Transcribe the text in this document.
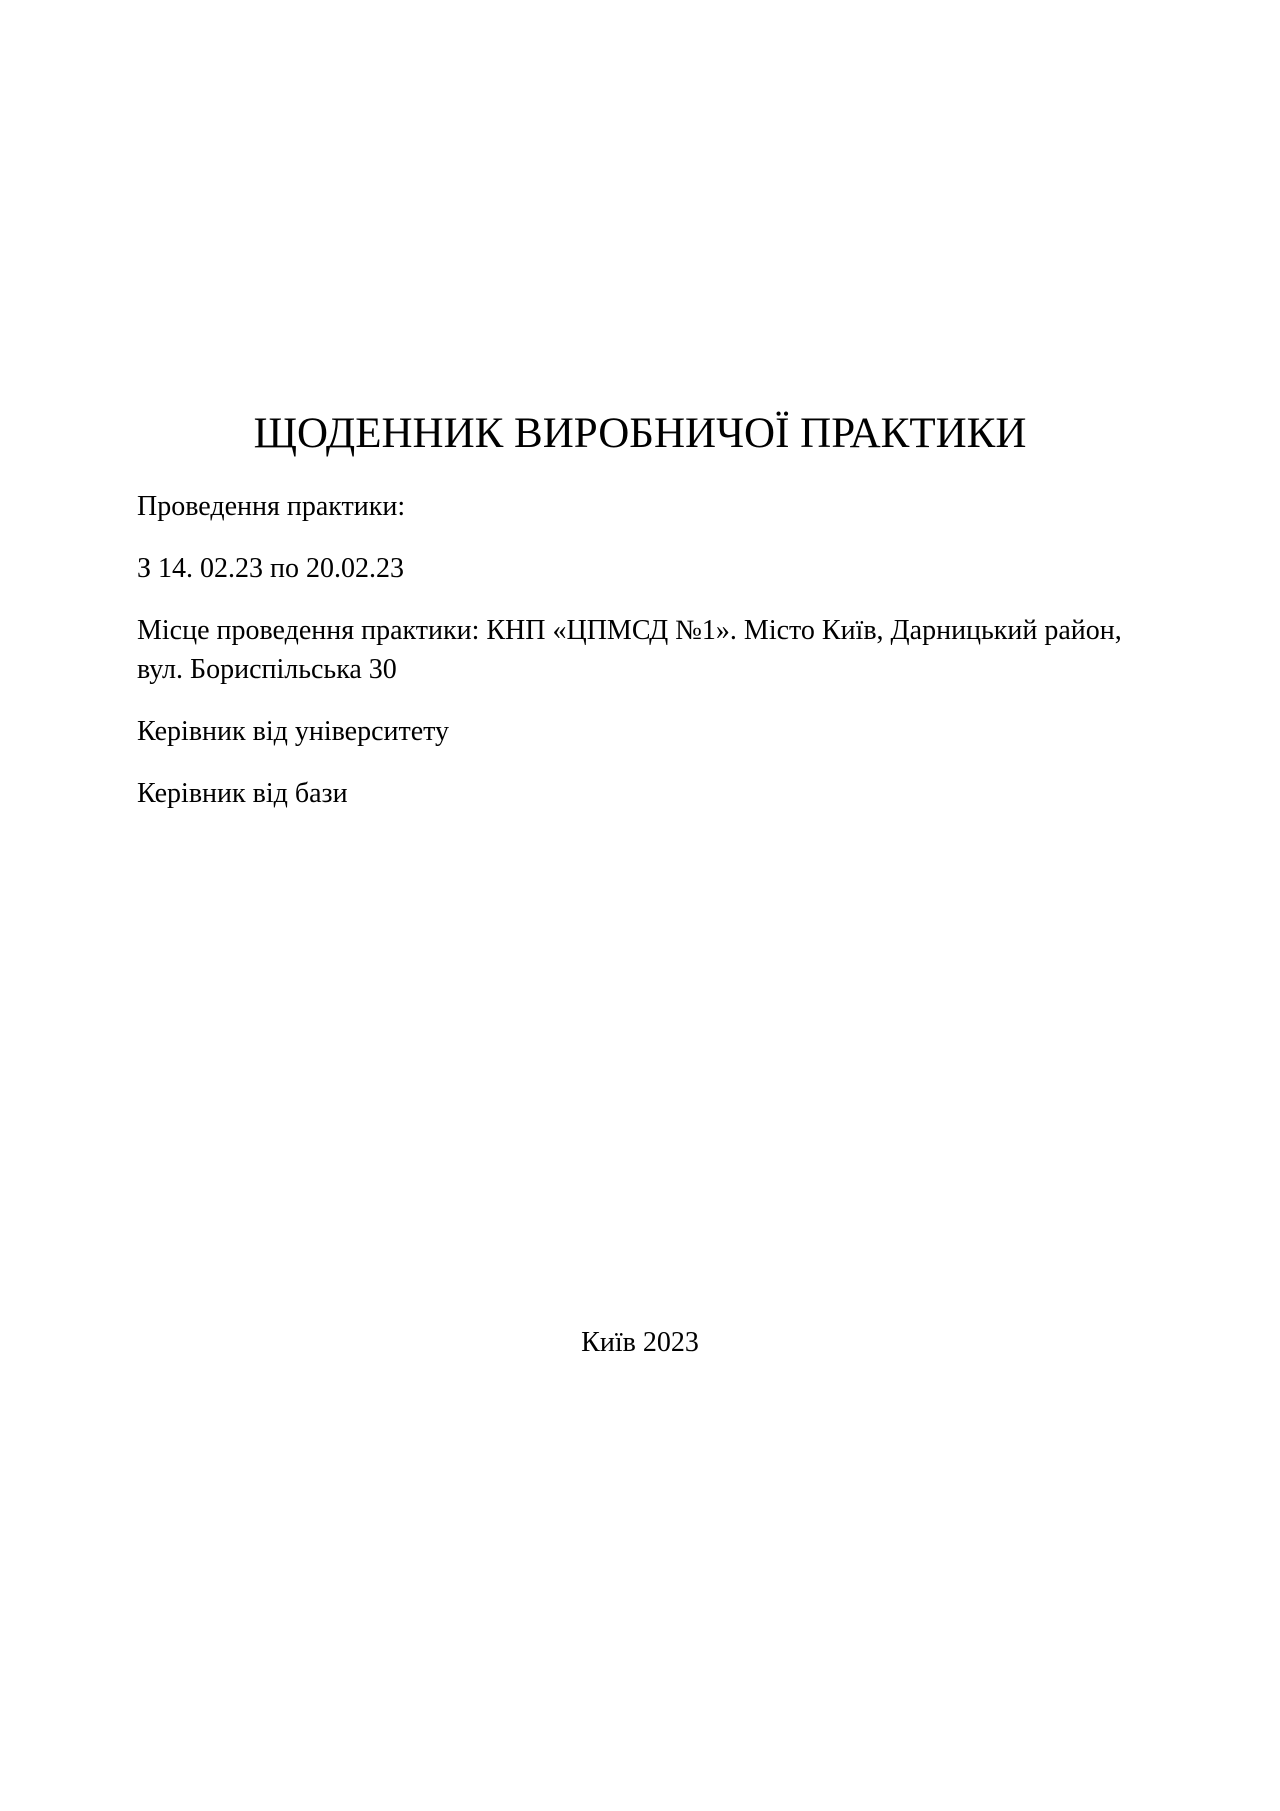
ЩОДЕННИК ВИРОБНИЧОЇ ПРАКТИКИ

Проведення практики:

З 14. 02.23 по 20.02.23

Місце проведення практики: КНП «ЦПМСД №1». Місто Київ, Дарницький район, вул. Бориспільська 30

Керівник від університету

Керівник від бази

Київ 2023
